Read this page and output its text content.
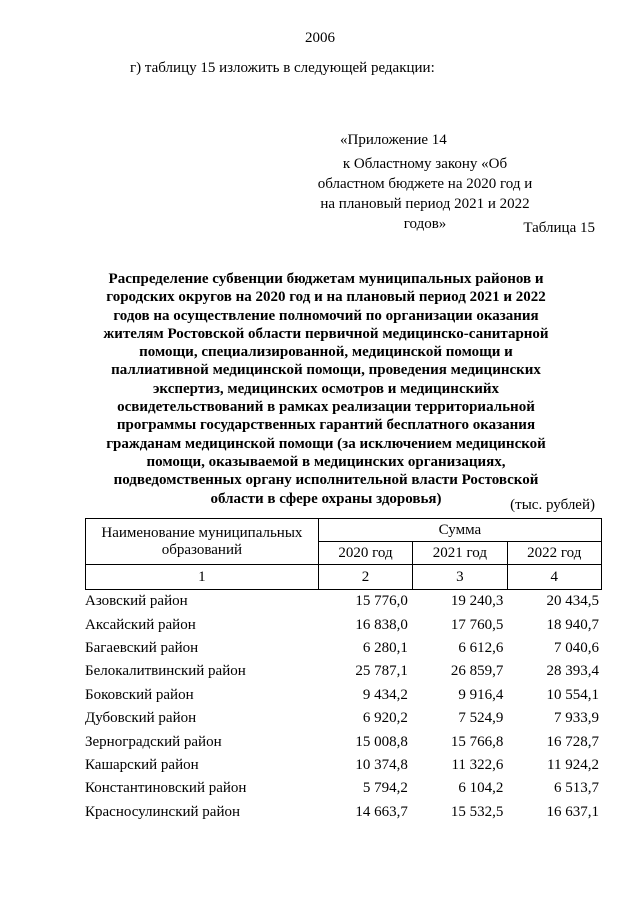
2006
г) таблицу 15 изложить в следующей редакции:
«Приложение 14
к Областному закону «Об областном бюджете на 2020 год и на плановый период 2021 и 2022 годов»	Таблица 15
Распределение субвенции бюджетам муниципальных районов и городских округов на 2020 год и на плановый период 2021 и 2022 годов на осуществление полномочий по организации оказания жителям Ростовской области первичной медицинско-санитарной помощи, специализированной, медицинской помощи и паллиативной медицинской помощи, проведения медицинских экспертиз, медицинских осмотров и медицинскийх освидетельствований в рамках реализации территориальной программы государственных гарантий бесплатного оказания гражданам медицинской помощи (за исключением медицинской помощи, оказываемой в медицинских организациях, подведомственных органу исполнительной власти Ростовской области в сфере охраны здоровья)	(тыс. рублей)
Наименование муниципальных образований	Сумма		
	2020 год	2021 год	2022 год
1	2	3	4
Азовский район	15 776,0	19 240,3	20 434,5
Аксайский район	16 838,0	17 760,5	18 940,7
Багаевский район	6 280,1	6 612,6	7 040,6
Белокалитвинский район	25 787,1	26 859,7	28 393,4
Боковский район	9 434,2	9 916,4	10 554,1
Дубовский район	6 920,2	7 524,9	7 933,9
Зерноградский район	15 008,8	15 766,8	16 728,7
Кашарский район	10 374,8	11 322,6	11 924,2
Константиновский район	5 794,2	6 104,2	6 513,7
Красносулинский район	14 663,7	15 532,5	16 637,1
